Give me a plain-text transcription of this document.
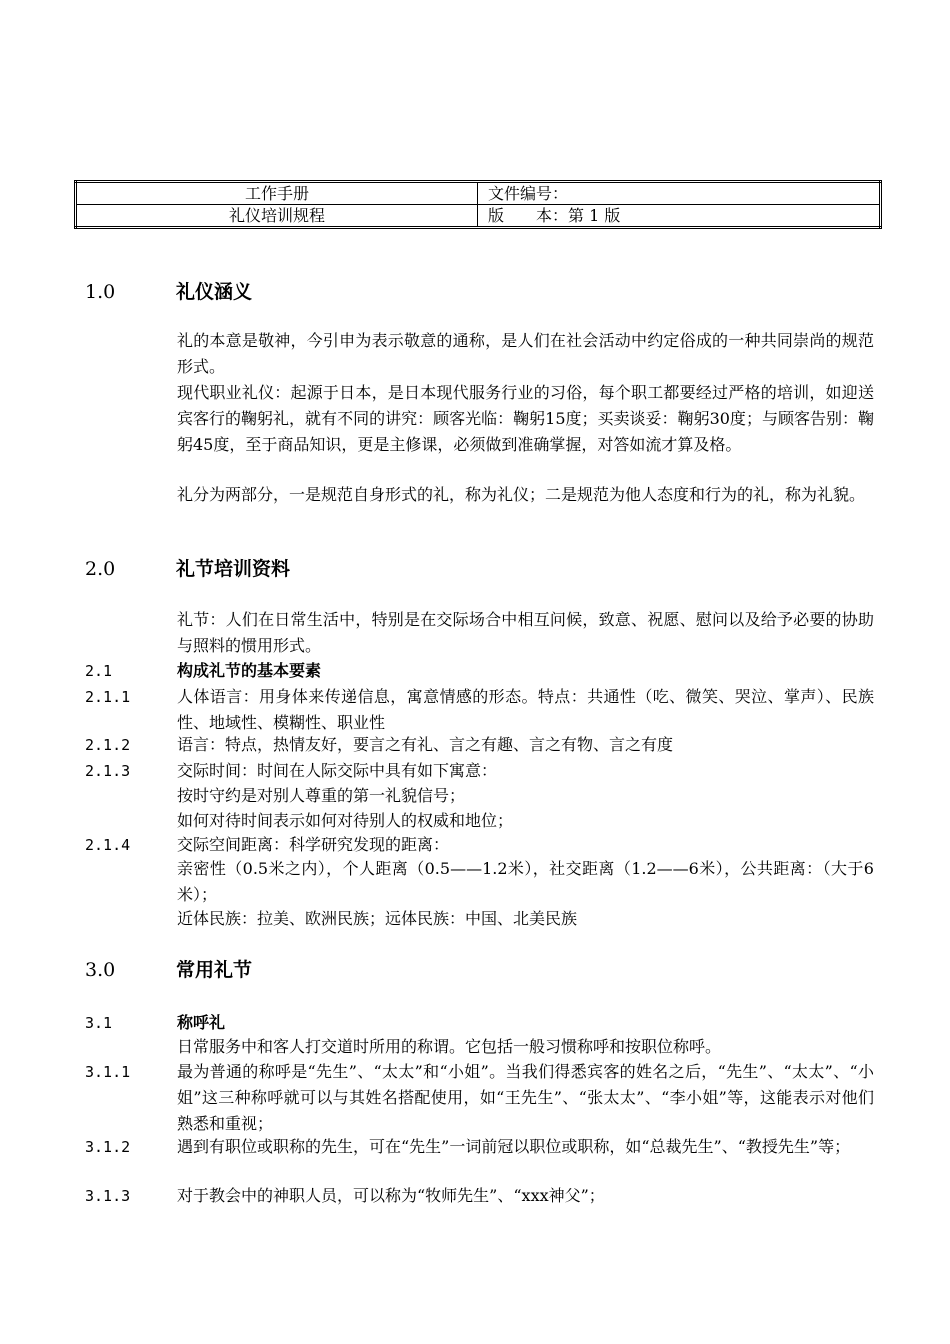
工作手册	文件编号：
礼仪培训规程	版　　本：第 1 版
1.0	礼仪涵义

礼的本意是敬神，今引申为表示敬意的通称，是人们在社会活动中约定俗成的一种共同崇尚的规范形式。

现代职业礼仪：起源于日本，是日本现代服务行业的习俗，每个职工都要经过严格的培训，如迎送宾客行的鞠躬礼，就有不同的讲究：顾客光临：鞠躬15度；买卖谈妥：鞠躬30度；与顾客告别：鞠躬45度，至于商品知识，更是主修课，必须做到准确掌握，对答如流才算及格。

礼分为两部分，一是规范自身形式的礼，称为礼仪；二是规范为他人态度和行为的礼，称为礼貌。

2.0	礼节培训资料

礼节：人们在日常生活中，特别是在交际场合中相互问候，致意、祝愿、慰问以及给予必要的协助与照料的惯用形式。

2.1	构成礼节的基本要素
2.1.1	人体语言：用身体来传递信息，寓意情感的形态。特点：共通性（吃、微笑、哭泣、掌声）、民族性、地域性、模糊性、职业性

2.1.2	语言：特点，热情友好，要言之有礼、言之有趣、言之有物、言之有度

2.1.3	交际时间：时间在人际交际中具有如下寓意：

按时守约是对别人尊重的第一礼貌信号；

如何对待时间表示如何对待别人的权威和地位；

2.1.4	交际空间距离：科学研究发现的距离：

亲密性（0.5米之内），个人距离（0.5——1.2米），社交距离（1.2——6米），公共距离：（大于6米）；

近体民族：拉美、欧洲民族；远体民族：中国、北美民族

3.0	常用礼节
3.1	称呼礼

日常服务中和客人打交道时所用的称谓。它包括一般习惯称呼和按职位称呼。

3.1.1	最为普通的称呼是“先生”、“太太”和“小姐”。当我们得悉宾客的姓名之后，“先生”、“太太”、“小姐”这三种称呼就可以与其姓名搭配使用，如“王先生”、“张太太”、“李小姐”等，这能表示对他们熟悉和重视；

3.1.2	遇到有职位或职称的先生，可在“先生”一词前冠以职位或职称，如“总裁先生”、“教授先生”等；

3.1.3	对于教会中的神职人员，可以称为“牧师先生”、“xxx神父”；
